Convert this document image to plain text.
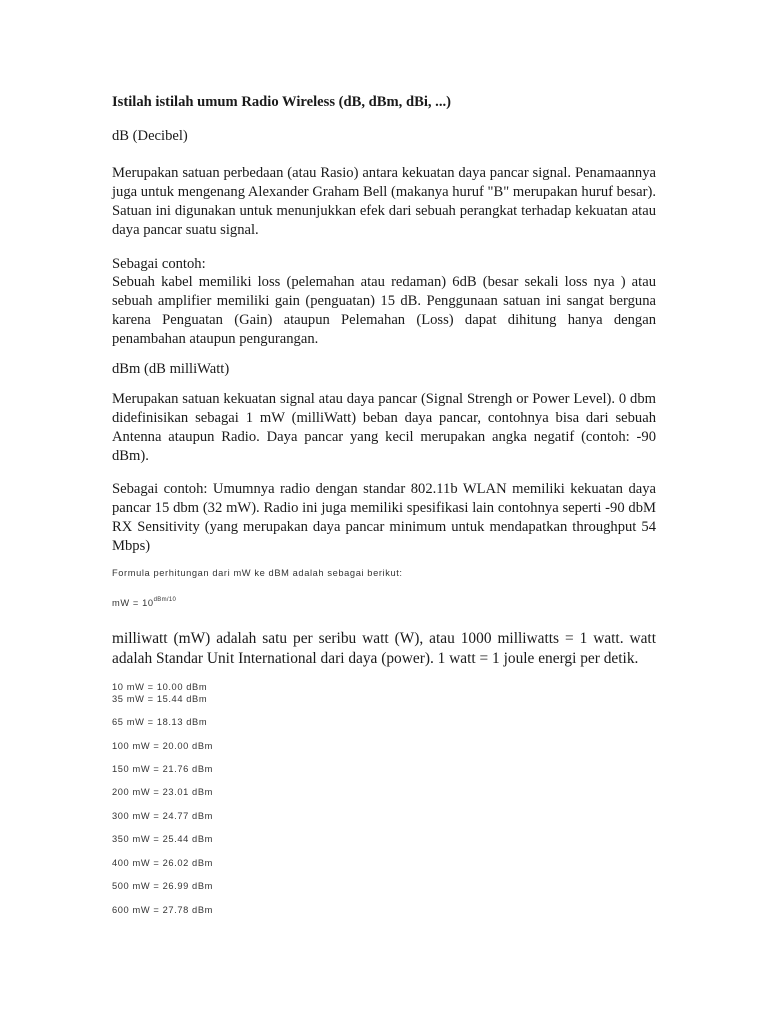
Istilah istilah umum Radio Wireless (dB, dBm, dBi, ...)

dB (Decibel)

Merupakan satuan perbedaan (atau Rasio) antara kekuatan daya pancar signal. Penamaannya juga untuk mengenang Alexander Graham Bell (makanya huruf "B" merupakan huruf besar). Satuan ini digunakan untuk menunjukkan efek dari sebuah perangkat terhadap kekuatan atau daya pancar suatu signal.

Sebagai contoh:

Sebuah kabel memiliki loss (pelemahan atau redaman) 6dB (besar sekali loss nya ) atau sebuah amplifier memiliki gain (penguatan) 15 dB. Penggunaan satuan ini sangat berguna karena Penguatan (Gain) ataupun Pelemahan (Loss) dapat dihitung hanya dengan penambahan ataupun pengurangan.

dBm (dB milliWatt)

Merupakan satuan kekuatan signal atau daya pancar (Signal Strengh or Power Level). 0 dbm didefinisikan sebagai 1 mW (milliWatt) beban daya pancar, contohnya bisa dari sebuah Antenna ataupun Radio. Daya pancar yang kecil merupakan angka negatif (contoh: -90 dBm).

Sebagai contoh: Umumnya radio dengan standar 802.11b WLAN memiliki kekuatan daya pancar 15 dbm (32 mW). Radio ini juga memiliki spesifikasi lain contohnya seperti -90 dbM RX Sensitivity (yang merupakan daya pancar minimum untuk mendapatkan throughput 54 Mbps)

Formula perhitungan dari mW ke dBM adalah sebagai berikut:

mW = $10^{dBm/10}$

milliwatt (mW) adalah satu per seribu watt (W), atau 1000 milliwatts = 1 watt. watt adalah Standar Unit International dari daya (power). 1 watt = 1 joule energi per detik.

10 mW = 10.00 dBm
35 mW = 15.44 dBm
65 mW = 18.13 dBm
100 mW = 20.00 dBm
150 mW = 21.76 dBm
200 mW = 23.01 dBm
300 mW = 24.77 dBm
350 mW = 25.44 dBm
400 mW = 26.02 dBm
500 mW = 26.99 dBm
600 mW = 27.78 dBm
